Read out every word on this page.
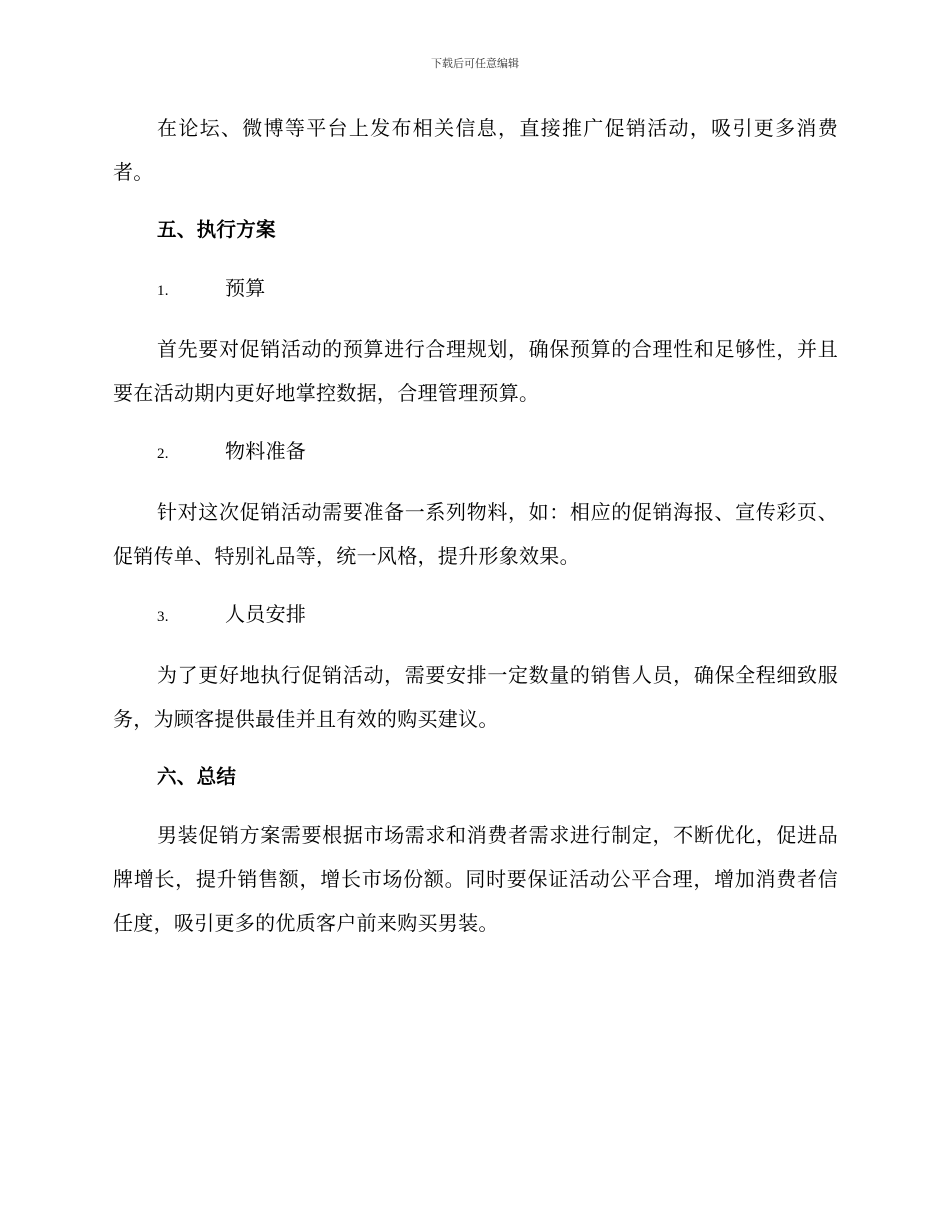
下载后可任意编辑

在论坛、微博等平台上发布相关信息，直接推广促销活动，吸引更多消费者。

五、执行方案
1.	预算

首先要对促销活动的预算进行合理规划，确保预算的合理性和足够性，并且要在活动期内更好地掌控数据，合理管理预算。

2.	物料准备

针对这次促销活动需要准备一系列物料，如：相应的促销海报、宣传彩页、促销传单、特别礼品等，统一风格，提升形象效果。

3.	人员安排

为了更好地执行促销活动，需要安排一定数量的销售人员，确保全程细致服务，为顾客提供最佳并且有效的购买建议。

六、总结

男装促销方案需要根据市场需求和消费者需求进行制定，不断优化，促进品牌增长，提升销售额，增长市场份额。同时要保证活动公平合理，增加消费者信任度，吸引更多的优质客户前来购买男装。
